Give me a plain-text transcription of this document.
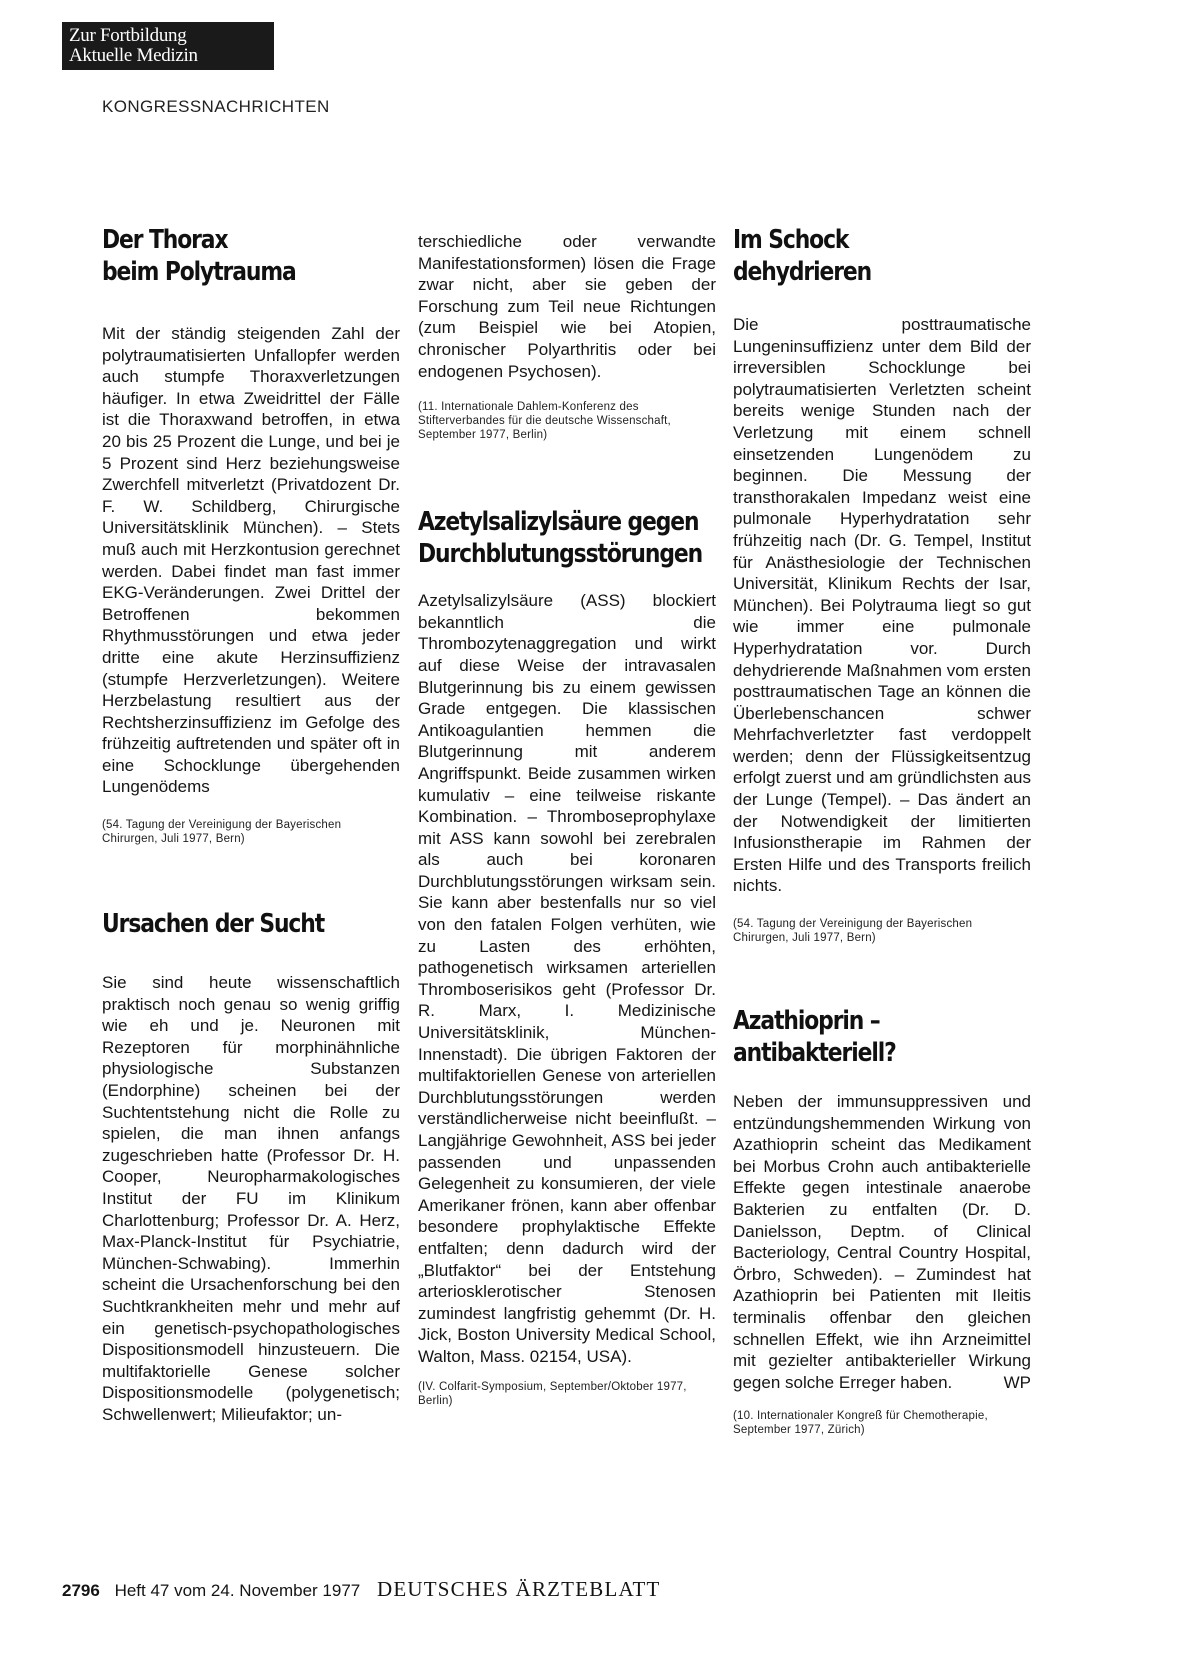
Zur Fortbildung
Aktuelle Medizin
KONGRESSNACHRICHTEN
Der Thorax
beim Polytrauma

Mit der ständig steigenden Zahl der polytraumatisierten Unfallopfer werden auch stumpfe Thoraxverletzungen häufiger. In etwa Zweidrittel der Fälle ist die Thoraxwand betroffen, in etwa 20 bis 25 Prozent die Lunge, und bei je 5 Prozent sind Herz beziehungsweise Zwerchfell mitverletzt (Privatdozent Dr. F. W. Schildberg, Chirurgische Universitätsklinik München). – Stets muß auch mit Herzkontusion gerechnet werden. Dabei findet man fast immer EKG-Veränderungen. Zwei Drittel der Betroffenen bekommen Rhythmusstörungen und etwa jeder dritte eine akute Herzinsuffizienz (stumpfe Herzverletzungen). Weitere Herzbelastung resultiert aus der Rechtsherzinsuffizienz im Gefolge des frühzeitig auftretenden und später oft in eine Schocklunge übergehenden Lungenödems

(54. Tagung der Vereinigung der Bayerischen Chirurgen, Juli 1977, Bern)

Ursachen der Sucht

Sie sind heute wissenschaftlich praktisch noch genau so wenig griffig wie eh und je. Neuronen mit Rezeptoren für morphinähnliche physiologische Substanzen (Endorphine) scheinen bei der Suchtentstehung nicht die Rolle zu spielen, die man ihnen anfangs zugeschrieben hatte (Professor Dr. H. Cooper, Neuropharmakologisches Institut der FU im Klinikum Charlottenburg; Professor Dr. A. Herz, Max-Planck-Institut für Psychiatrie, München-Schwabing). Immerhin scheint die Ursachenforschung bei den Suchtkrankheiten mehr und mehr auf ein genetisch-psychopathologisches Dispositionsmodell hinzusteuern. Die multifaktorielle Genese solcher Dispositionsmodelle (polygenetisch; Schwellenwert; Milieufaktor; un-

terschiedliche oder verwandte Manifestationsformen) lösen die Frage zwar nicht, aber sie geben der Forschung zum Teil neue Richtungen (zum Beispiel wie bei Atopien, chronischer Polyarthritis oder bei endogenen Psychosen).

(11. Internationale Dahlem-Konferenz des Stifterverbandes für die deutsche Wissenschaft, September 1977, Berlin)

Azetylsalizylsäure gegen
Durchblutungsstörungen

Azetylsalizylsäure (ASS) blockiert bekanntlich die Thrombozytenaggregation und wirkt auf diese Weise der intravasalen Blutgerinnung bis zu einem gewissen Grade entgegen. Die klassischen Antikoagulantien hemmen die Blutgerinnung mit anderem Angriffspunkt. Beide zusammen wirken kumulativ – eine teilweise riskante Kombination. – Thromboseprophylaxe mit ASS kann sowohl bei zerebralen als auch bei koronaren Durchblutungsstörungen wirksam sein. Sie kann aber bestenfalls nur so viel von den fatalen Folgen verhüten, wie zu Lasten des erhöhten, pathogenetisch wirksamen arteriellen Thromboserisikos geht (Professor Dr. R. Marx, I. Medizinische Universitätsklinik, München-Innenstadt). Die übrigen Faktoren der multifaktoriellen Genese von arteriellen Durchblutungsstörungen werden verständlicherweise nicht beeinflußt. – Langjährige Gewohnheit, ASS bei jeder passenden und unpassenden Gelegenheit zu konsumieren, der viele Amerikaner frönen, kann aber offenbar besondere prophylaktische Effekte entfalten; denn dadurch wird der „Blutfaktor“ bei der Entstehung arteriosklerotischer Stenosen zumindest langfristig gehemmt (Dr. H. Jick, Boston University Medical School, Walton, Mass. 02154, USA).

(IV. Colfarit-Symposium, September/Oktober 1977, Berlin)

Im Schock
dehydrieren

Die posttraumatische Lungeninsuffizienz unter dem Bild der irreversiblen Schocklunge bei polytraumatisierten Verletzten scheint bereits wenige Stunden nach der Verletzung mit einem schnell einsetzenden Lungenödem zu beginnen. Die Messung der transthorakalen Impedanz weist eine pulmonale Hyperhydratation sehr frühzeitig nach (Dr. G. Tempel, Institut für Anästhesiologie der Technischen Universität, Klinikum Rechts der Isar, München). Bei Polytrauma liegt so gut wie immer eine pulmonale Hyperhydratation vor. Durch dehydrierende Maßnahmen vom ersten posttraumatischen Tage an können die Überlebenschancen schwer Mehrfachverletzter fast verdoppelt werden; denn der Flüssigkeitsentzug erfolgt zuerst und am gründlichsten aus der Lunge (Tempel). – Das ändert an der Notwendigkeit der limitierten Infusionstherapie im Rahmen der Ersten Hilfe und des Transports freilich nichts.

(54. Tagung der Vereinigung der Bayerischen Chirurgen, Juli 1977, Bern)

Azathioprin –
antibakteriell?

Neben der immunsuppressiven und entzündungshemmenden Wirkung von Azathioprin scheint das Medikament bei Morbus Crohn auch antibakterielle Effekte gegen intestinale anaerobe Bakterien zu entfalten (Dr. D. Danielsson, Deptm. of Clinical Bacteriology, Central Country Hospital, Örbro, Schweden). – Zumindest hat Azathioprin bei Patienten mit Ileitis terminalis offenbar den gleichen schnellen Effekt, wie ihn Arzneimittel mit gezielter antibakterieller Wirkung gegen solche Erreger haben.	WP

(10. Internationaler Kongreß für Chemotherapie, September 1977, Zürich)

2796 Heft 47 vom 24. November 1977 DEUTSCHES ÄRZTEBLATT
